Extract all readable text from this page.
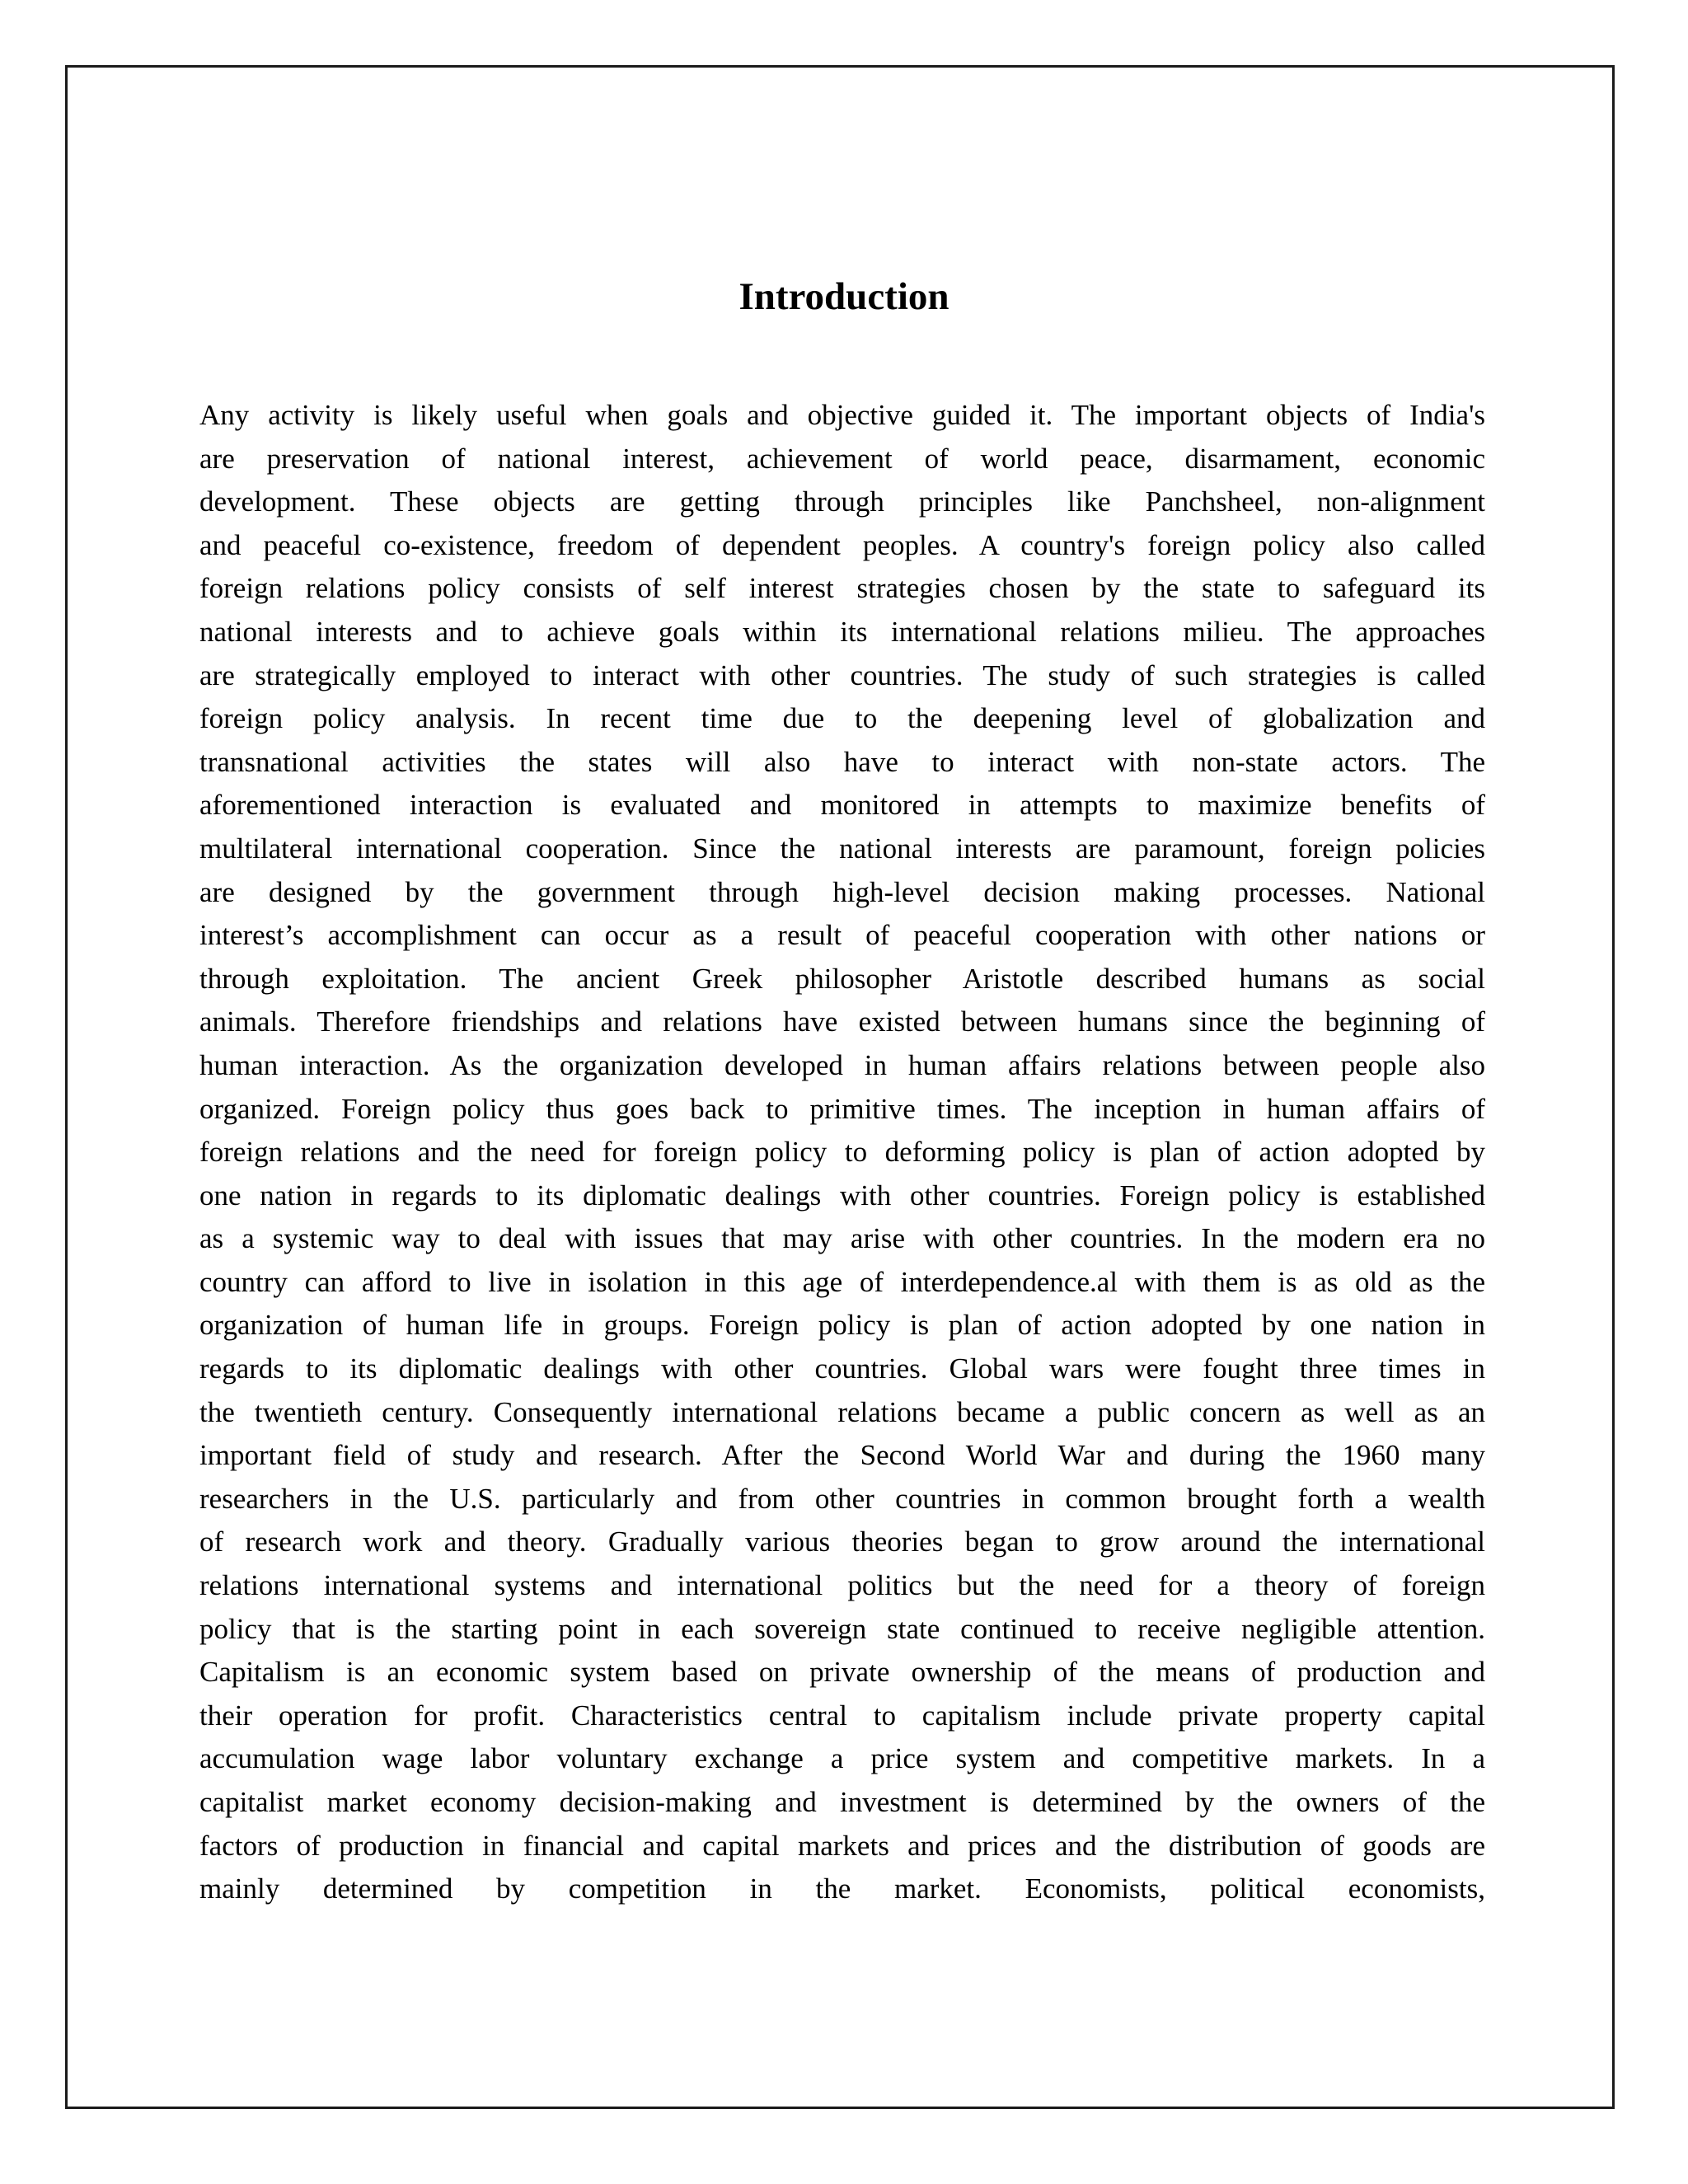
Introduction
Any activity is likely useful when goals and objective guided it. The important objects of India's
are preservation of national interest, achievement of world peace, disarmament, economic
development. These objects are getting through principles like Panchsheel, non-alignment
and peaceful co-existence, freedom of dependent peoples. A country's foreign policy also called
foreign relations policy consists of self interest strategies chosen by the state to safeguard its
national interests and to achieve goals within its international relations milieu. The approaches
are strategically employed to interact with other countries. The study of such strategies is called
foreign policy analysis. In recent time due to the deepening level of globalization and
transnational activities the states will also have to interact with non-state actors. The
aforementioned interaction is evaluated and monitored in attempts to maximize benefits of
multilateral international cooperation. Since the national interests are paramount, foreign policies
are designed by the government through high-level decision making processes. National
interest’s accomplishment can occur as a result of peaceful cooperation with other nations or
through exploitation. The ancient Greek philosopher Aristotle described humans as social
animals. Therefore friendships and relations have existed between humans since the beginning of
human interaction. As the organization developed in human affairs relations between people also
organized. Foreign policy thus goes back to primitive times. The inception in human affairs of
foreign relations and the need for foreign policy to deforming policy is plan of action adopted by
one nation in regards to its diplomatic dealings with other countries. Foreign policy is established
as a systemic way to deal with issues that may arise with other countries. In the modern era no
country can afford to live in isolation in this age of interdependence.al with them is as old as the
organization of human life in groups. Foreign policy is plan of action adopted by one nation in
regards to its diplomatic dealings with other countries. Global wars were fought three times in
the twentieth century. Consequently international relations became a public concern as well as an
important field of study and research. After the Second World War and during the 1960 many
researchers in the U.S. particularly and from other countries in common brought forth a wealth
of research work and theory. Gradually various theories began to grow around the international
relations international systems and international politics but the need for a theory of foreign
policy that is the starting point in each sovereign state continued to receive negligible attention.
Capitalism is an economic system based on private ownership of the means of production and
their operation for profit. Characteristics central to capitalism include private property capital
accumulation wage labor voluntary exchange a price system and competitive markets. In a
capitalist market economy decision-making and investment is determined by the owners of the
factors of production in financial and capital markets and prices and the distribution of goods are
mainly determined by competition in the market. Economists, political economists,
